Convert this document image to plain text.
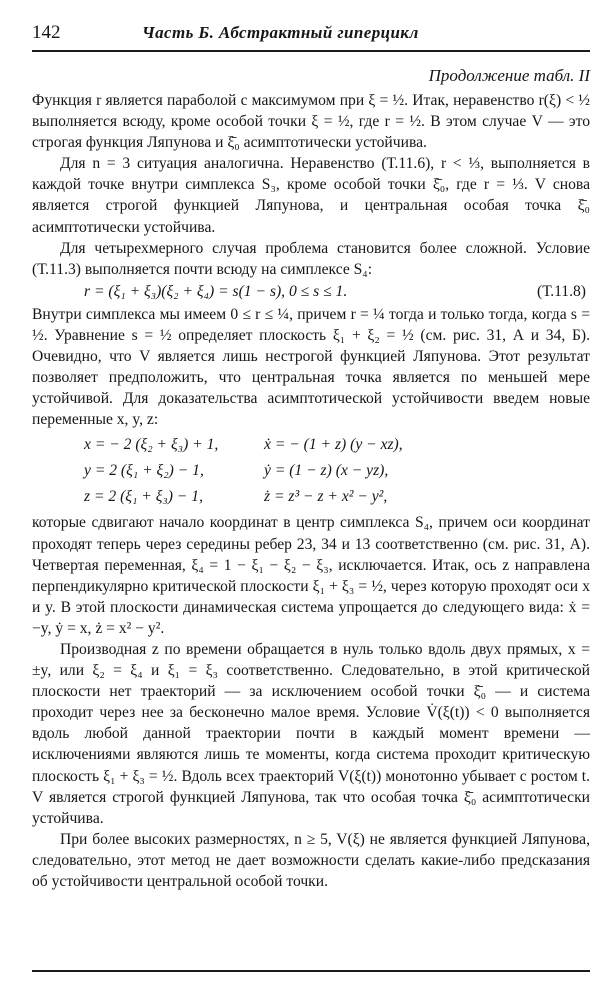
142	Часть Б. Абстрактный гиперцикл
Продолжение табл. II

Функция r является параболой с максимумом при ξ = ½. Итак, неравенство r(ξ) < ½ выполняется всюду, кроме особой точки ξ = ½, где r = ½. В этом случае V — это строгая функция Ляпунова и ξ̄₀ асимптотически устойчива.

Для n = 3 ситуация аналогична. Неравенство (Т.11.6), r < ⅓, выполняется в каждой точке внутри симплекса S₃, кроме особой точки ξ̄₀, где r = ⅓. V снова является строгой функцией Ляпунова, и центральная особая точка ξ̄₀ асимптотически устойчива.

Для четырехмерного случая проблема становится более сложной. Условие (Т.11.3) выполняется почти всюду на симплексе S₄:

r = (ξ₁ + ξ₃)(ξ₂ + ξ₄) = s(1 − s), 0 ≤ s ≤ 1.	(Т.11.8)

Внутри симплекса мы имеем 0 ≤ r ≤ ¼, причем r = ¼ тогда и только тогда, когда s = ½. Уравнение s = ½ определяет плоскость ξ₁ + ξ₂ = ½ (см. рис. 31, А и 34, Б). Очевидно, что V является лишь нестрогой функцией Ляпунова. Этот результат позволяет предположить, что центральная точка является по меньшей мере устойчивой. Для доказательства асимптотической устойчивости введем новые переменные x, y, z:

x = − 2 (ξ₂ + ξ₃) + 1,	ẋ = − (1 + z) (y − xz),
y = 2 (ξ₁ + ξ₂) − 1,	ẏ = (1 − z) (x − yz),
z = 2 (ξ₁ + ξ₃) − 1,	ż = z³ − z + x² − y²,

которые сдвигают начало координат в центр симплекса S₄, причем оси координат проходят теперь через середины ребер 23, 34 и 13 соответственно (см. рис. 31, А). Четвертая переменная, ξ₄ = 1 − ξ₁ − ξ₂ − ξ₃, исключается. Итак, ось z направлена перпендикулярно критической плоскости ξ₁ + ξ₃ = ½, через которую проходят оси x и y. В этой плоскости динамическая система упрощается до следующего вида: ẋ = −y, ẏ = x, ż = x² − y².

Производная z по времени обращается в нуль только вдоль двух прямых, x = ±y, или ξ₂ = ξ₄ и ξ₁ = ξ₃ соответственно. Следовательно, в этой критической плоскости нет траекторий — за исключением особой точки ξ̄₀ — и система проходит через нее за бесконечно малое время. Условие V̇(ξ(t)) < 0 выполняется вдоль любой данной траектории почти в каждый момент времени — исключениями являются лишь те моменты, когда система проходит критическую плоскость ξ₁ + ξ₃ = ½. Вдоль всех траекторий V(ξ(t)) монотонно убывает с ростом t. V является строгой функцией Ляпунова, так что особая точка ξ̄₀ асимптотически устойчива.

При более высоких размерностях, n ≥ 5, V(ξ) не является функцией Ляпунова, следовательно, этот метод не дает возможности сделать какие-либо предсказания об устойчивости центральной особой точки.
